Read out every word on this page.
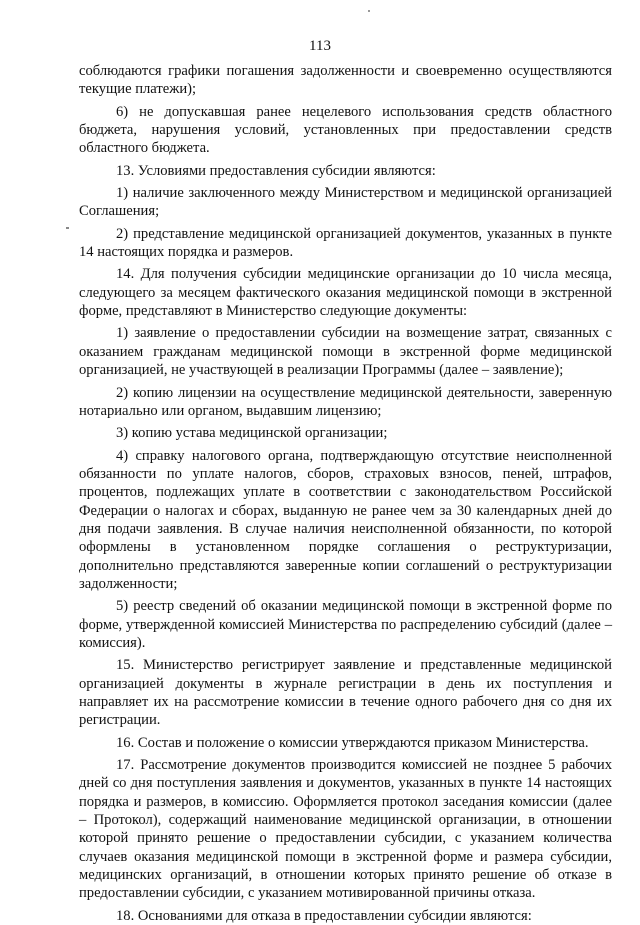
113

соблюдаются графики погашения задолженности и своевременно осуществляются текущие платежи);

6) не допускавшая ранее нецелевого использования средств областного бюджета, нарушения условий, установленных при предоставлении средств областного бюджета.

13. Условиями предоставления субсидии являются:

1) наличие заключенного между Министерством и медицинской организацией Соглашения;

2) представление медицинской организацией документов, указанных в пункте 14 настоящих порядка и размеров.

14. Для получения субсидии медицинские организации до 10 числа месяца, следующего за месяцем фактического оказания медицинской помощи в экстренной форме, представляют в Министерство следующие документы:

1) заявление о предоставлении субсидии на возмещение затрат, связанных с оказанием гражданам медицинской помощи в экстренной форме медицинской организацией, не участвующей в реализации Программы (далее – заявление);

2) копию лицензии на осуществление медицинской деятельности, заверенную нотариально или органом, выдавшим лицензию;

3) копию устава медицинской организации;

4) справку налогового органа, подтверждающую отсутствие неисполненной обязанности по уплате налогов, сборов, страховых взносов, пеней, штрафов, процентов, подлежащих уплате в соответствии с законодательством Российской Федерации о налогах и сборах, выданную не ранее чем за 30 календарных дней до дня подачи заявления. В случае наличия неисполненной обязанности, по которой оформлены в установленном порядке соглашения о реструктуризации, дополнительно представляются заверенные копии соглашений о реструктуризации задолженности;

5) реестр сведений об оказании медицинской помощи в экстренной форме по форме, утвержденной комиссией Министерства по распределению субсидий (далее – комиссия).

15. Министерство регистрирует заявление и представленные медицинской организацией документы в журнале регистрации в день их поступления и направляет их на рассмотрение комиссии в течение одного рабочего дня со дня их регистрации.

16. Состав и положение о комиссии утверждаются приказом Министерства.

17. Рассмотрение документов производится комиссией не позднее 5 рабочих дней со дня поступления заявления и документов, указанных в пункте 14 настоящих порядка и размеров, в комиссию. Оформляется протокол заседания комиссии (далее – Протокол), содержащий наименование медицинской организации, в отношении которой принято решение о предоставлении субсидии, с указанием количества случаев оказания медицинской помощи в экстренной форме и размера субсидии, медицинских организаций, в отношении которых принято решение об отказе в предоставлении субсидии, с указанием мотивированной причины отказа.

18. Основаниями для отказа в предоставлении субсидии являются:
